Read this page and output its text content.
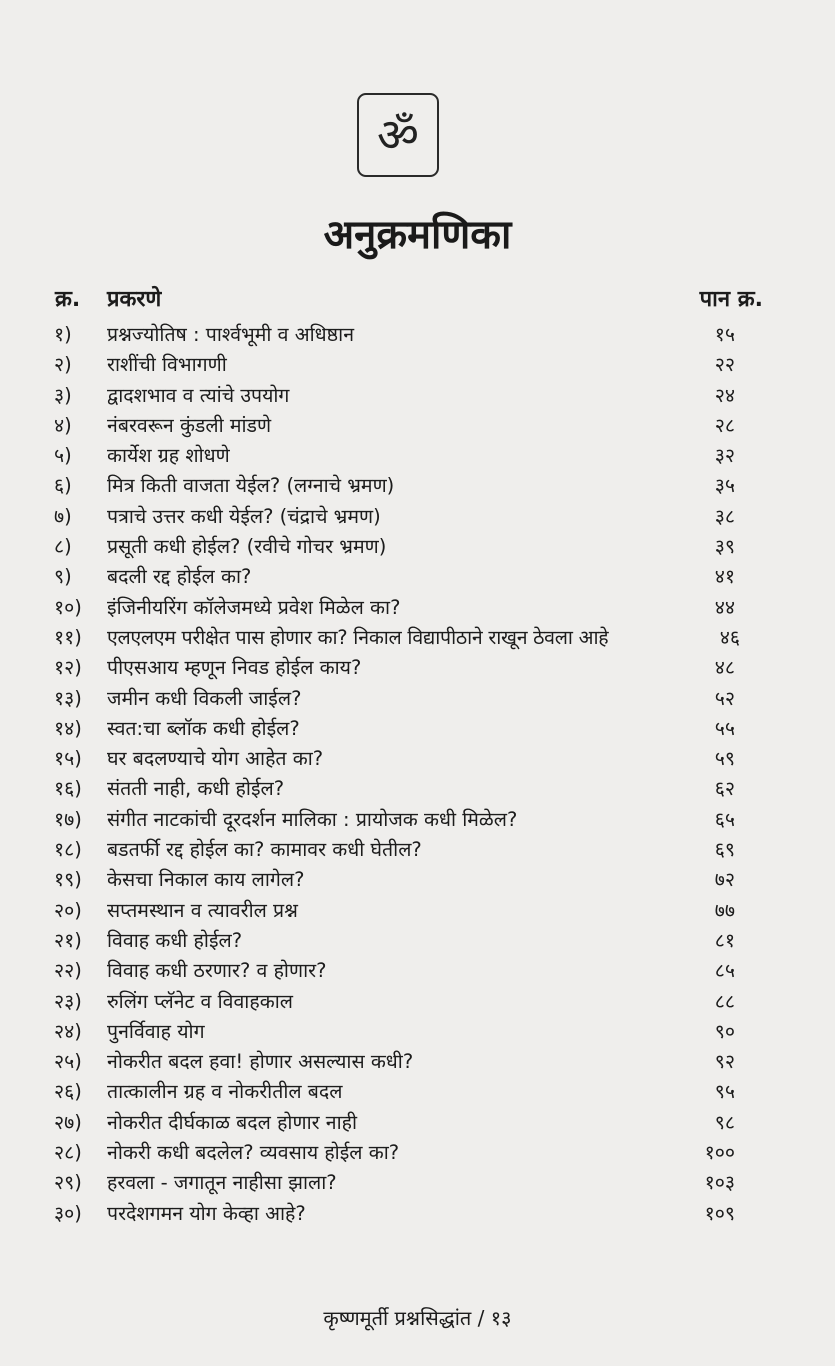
ॐ
अनुक्रमणिका
क्र. प्रकरणे	पान क्र.
१) प्रश्नज्योतिष : पार्श्वभूमी व अधिष्ठान	१५
२) राशींची विभागणी	२२
३) द्वादशभाव व त्यांचे उपयोग	२४
४) नंबरवरून कुंडली मांडणे	२८
५) कार्येश ग्रह शोधणे	३२
६) मित्र किती वाजता येईल? (लग्नाचे भ्रमण)	३५
७) पत्राचे उत्तर कधी येईल? (चंद्राचे भ्रमण)	३८
८) प्रसूती कधी होईल? (रवीचे गोचर भ्रमण)	३९
९) बदली रद्द होईल का?	४१
१०) इंजिनीयरिंग कॉलेजमध्ये प्रवेश मिळेल का?	४४
११) एलएलएम परीक्षेत पास होणार का? निकाल विद्यापीठाने राखून ठेवला आहे	४६
१२) पीएसआय म्हणून निवड होईल काय?	४८
१३) जमीन कधी विकली जाईल?	५२
१४) स्वत:चा ब्लॉक कधी होईल?	५५
१५) घर बदलण्याचे योग आहेत का?	५९
१६) संतती नाही, कधी होईल?	६२
१७) संगीत नाटकांची दूरदर्शन मालिका : प्रायोजक कधी मिळेल?	६५
१८) बडतर्फी रद्द होईल का? कामावर कधी घेतील?	६९
१९) केसचा निकाल काय लागेल?	७२
२०) सप्तमस्थान व त्यावरील प्रश्न	७७
२१) विवाह कधी होईल?	८१
२२) विवाह कधी ठरणार? व होणार?	८५
२३) रुलिंग प्लॅनेट व विवाहकाल	८८
२४) पुनर्विवाह योग	९०
२५) नोकरीत बदल हवा! होणार असल्यास कधी?	९२
२६) तात्कालीन ग्रह व नोकरीतील बदल	९५
२७) नोकरीत दीर्घकाळ बदल होणार नाही	९८
२८) नोकरी कधी बदलेल? व्यवसाय होईल का?	१००
२९) हरवला - जगातून नाहीसा झाला?	१०३
३०) परदेशगमन योग केव्हा आहे?	१०९
कृष्णमूर्ती प्रश्नसिद्धांत / १३
